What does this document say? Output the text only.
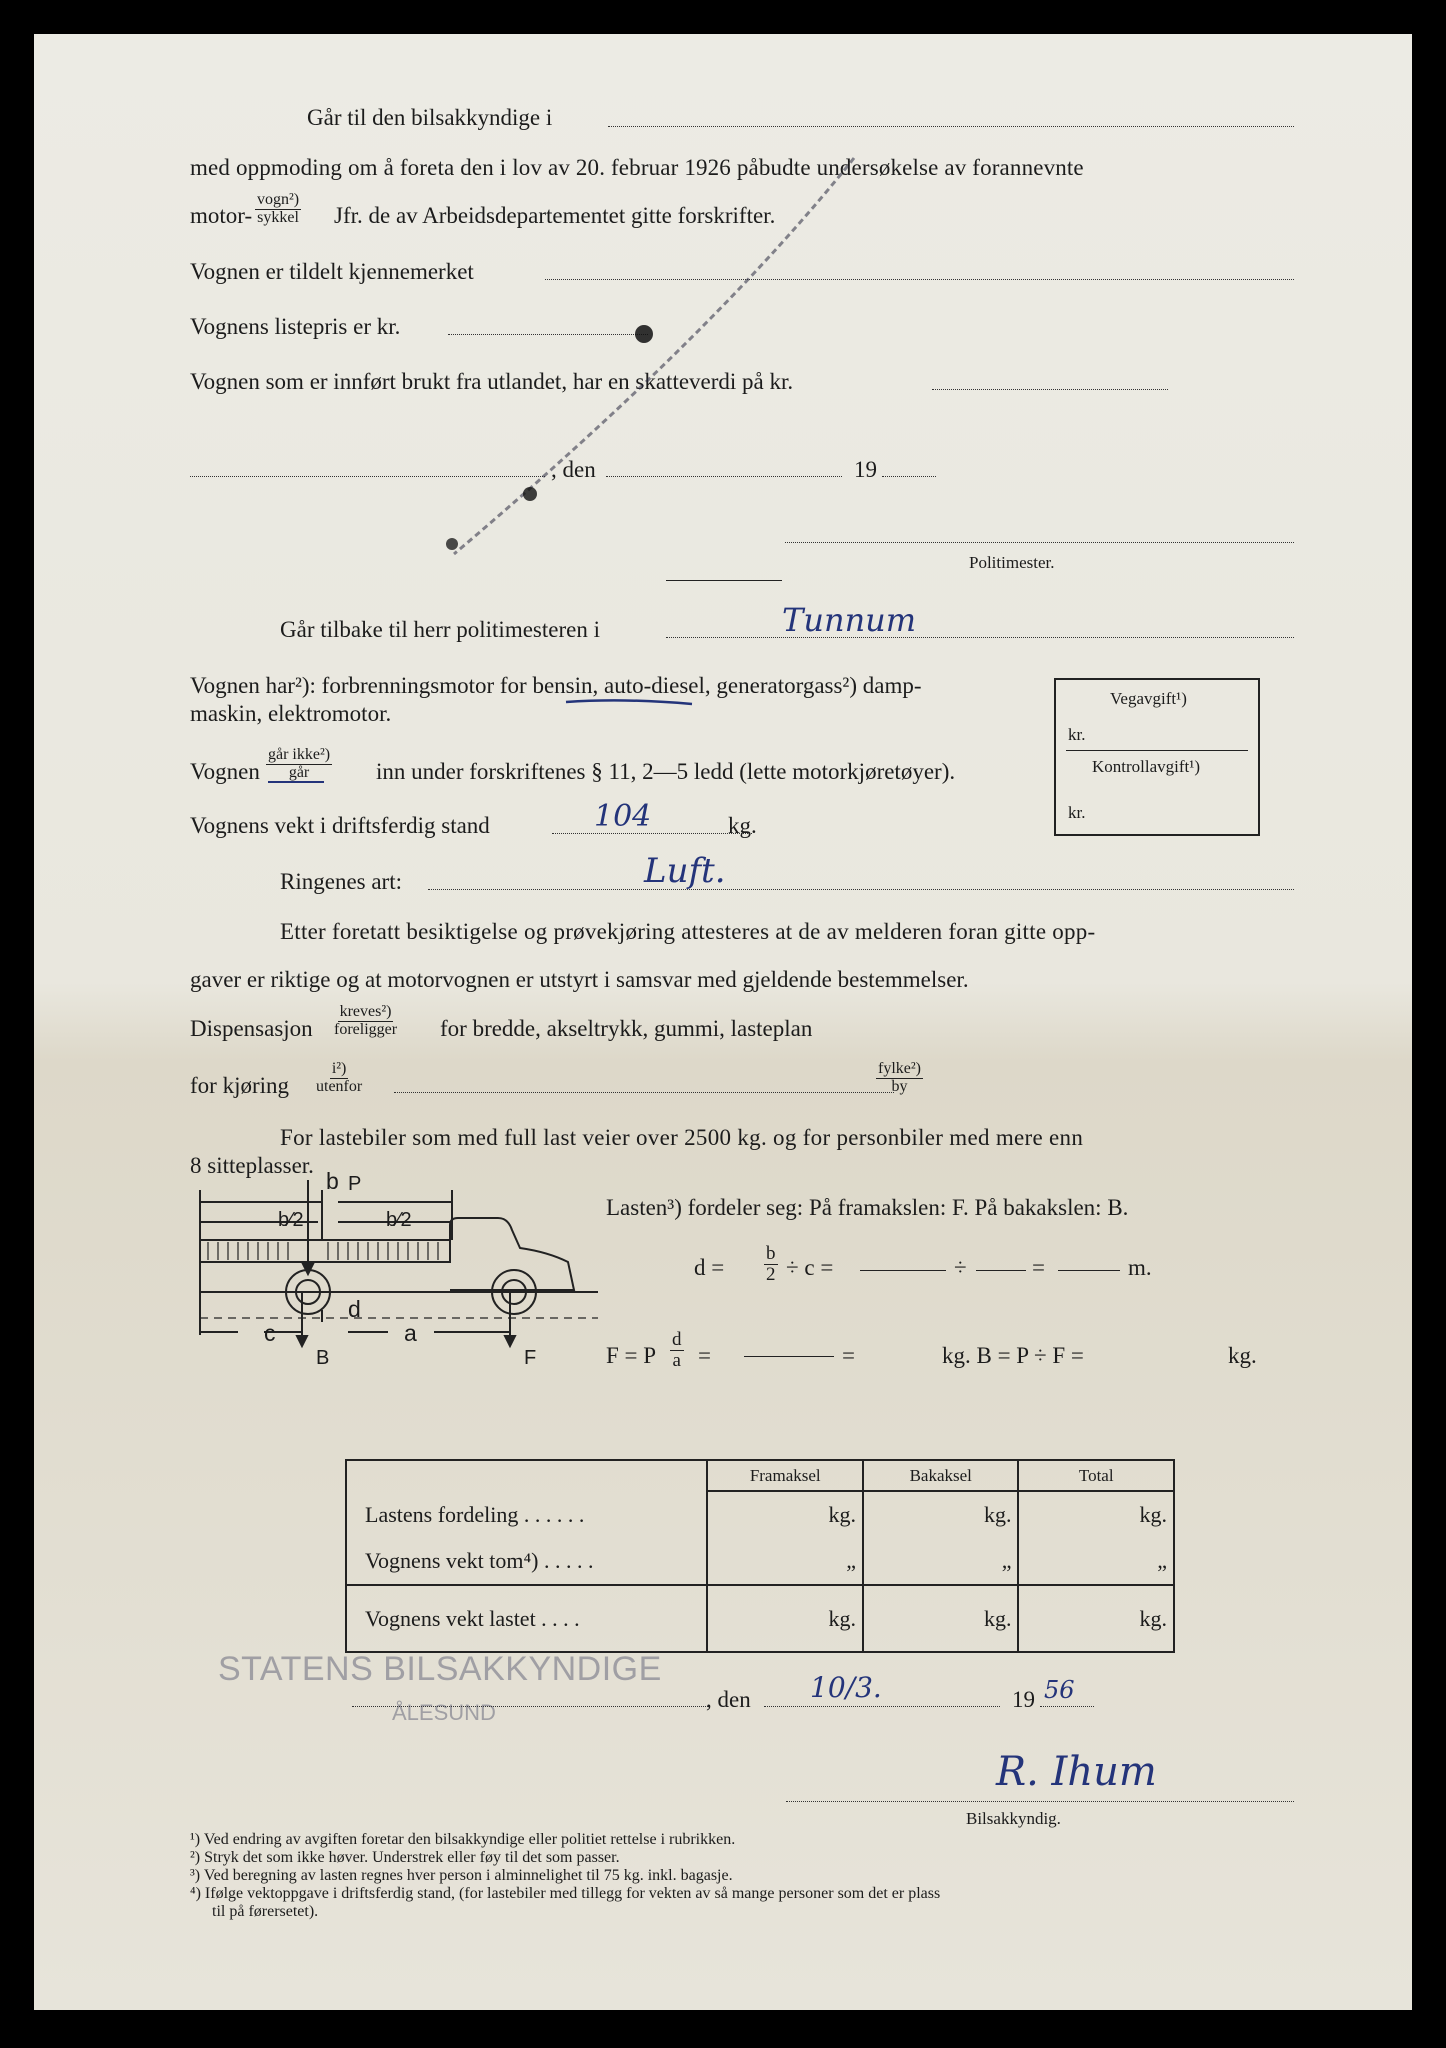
Går til den bilsakkyndige i
med oppmoding om å foreta den i lov av 20. februar 1926 påbudte undersøkelse av forannevnte
motor-
vogn²)
sykkel Jfr. de av Arbeidsdepartementet gitte forskrifter.
Vognen er tildelt kjennemerket
Vognens listepris er kr.
Vognen som er innført brukt fra utlandet, har en skatteverdi på kr.
, den	19
Politimester.
Går tilbake til herr politimesteren i	Tunnum
Vognen har²): forbrenningsmotor for bensin, auto-diesel, generatorgass²) damp-
maskin, elektromotor.
Vegavgift¹)
kr.
Kontrollavgift¹)
kr.
Vognen
går ikke²)
går	inn under forskriftenes § 11, 2—5 ledd (lette motorkjøretøyer).
Vognens vekt i driftsferdig stand	104	kg.
Ringenes art:	Luft.
Etter foretatt besiktigelse og prøvekjøring attesteres at de av melderen foran gitte opp-
gaver er riktige og at motorvognen er utstyrt i samsvar med gjeldende bestemmelser.
Dispensasjon
kreves²)
foreligger for bredde, akseltrykk, gummi, lasteplan
for kjøring
i²)
utenfor
fylke²)
by
For lastebiler som med full last veier over 2500 kg. og for personbiler med mere enn
8 sitteplasser.
b
b⁄2	b⁄2
P
c
d
a
B	F
Lasten³) fordeler seg: På framakslen: F. På bakakslen: B.
$d = \frac{b}{2} \div c$ =	÷	=	m.
F = P $\frac{d}{a}$ =	=	kg. B = P ÷ F =	kg.
	Framaksel	Bakaksel	Total
Lastens fordeling . . . . . .	kg.	kg.	kg.
Vognens vekt tom⁴) . . . . .	„	„	„
Vognens vekt lastet . . . .	kg.	kg.	kg.
STATENS BILSAKKYNDIGE
ÅLESUND
, den 10/3.	19 56
R. Ihum
Bilsakkyndig.
¹) Ved endring av avgiften foretar den bilsakkyndige eller politiet rettelse i rubrikken.
²) Stryk det som ikke høver. Understrek eller føy til det som passer.
³) Ved beregning av lasten regnes hver person i alminnelighet til 75 kg. inkl. bagasje.
⁴) Ifølge vektoppgave i driftsferdig stand, (for lastebiler med tillegg for vekten av så mange personer som det er plass
til på førersetet).
